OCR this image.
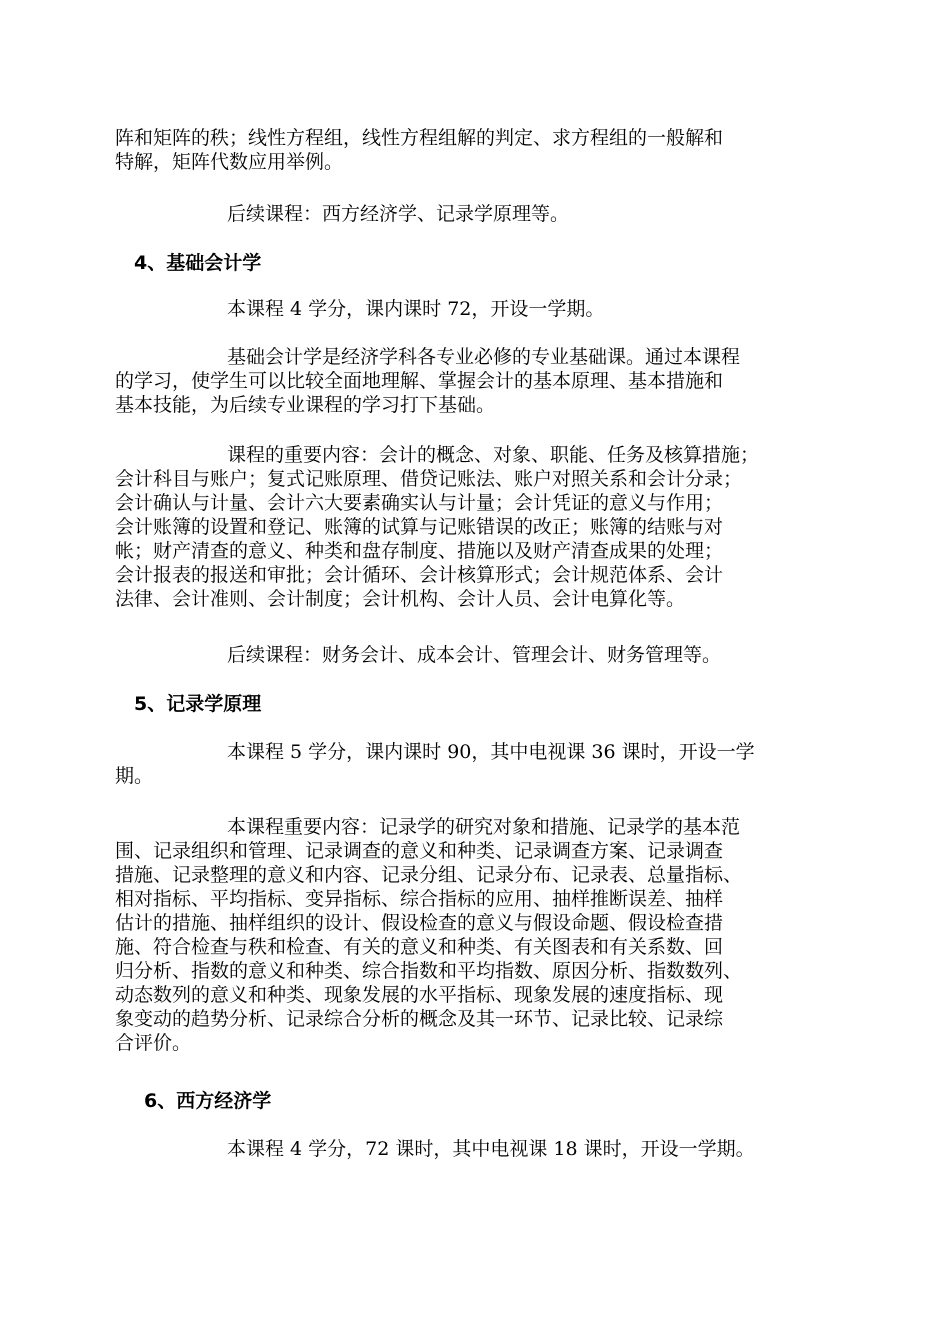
阵和矩阵的秩；线性方程组，线性方程组解的判定、求方程组的一般解和
特解，矩阵代数应用举例。

后续课程：西方经济学、记录学原理等。

4、基础会计学

本课程 4 学分，课内课时 72，开设一学期。

基础会计学是经济学科各专业必修的专业基础课。通过本课程
的学习，使学生可以比较全面地理解、掌握会计的基本原理、基本措施和
基本技能，为后续专业课程的学习打下基础。

课程的重要内容：会计的概念、对象、职能、任务及核算措施；
会计科目与账户；复式记账原理、借贷记账法、账户对照关系和会计分录；
会计确认与计量、会计六大要素确实认与计量；会计凭证的意义与作用；
会计账簿的设置和登记、账簿的试算与记账错误的改正；账簿的结账与对
帐；财产清查的意义、种类和盘存制度、措施以及财产清查成果的处理；
会计报表的报送和审批；会计循环、会计核算形式；会计规范体系、会计
法律、会计准则、会计制度；会计机构、会计人员、会计电算化等。

后续课程：财务会计、成本会计、管理会计、财务管理等。

5、记录学原理

本课程 5 学分，课内课时 90，其中电视课 36 课时，开设一学
期。

本课程重要内容：记录学的研究对象和措施、记录学的基本范
围、记录组织和管理、记录调查的意义和种类、记录调查方案、记录调查
措施、记录整理的意义和内容、记录分组、记录分布、记录表、总量指标、
相对指标、平均指标、变异指标、综合指标的应用、抽样推断误差、抽样
估计的措施、抽样组织的设计、假设检查的意义与假设命题、假设检查措
施、符合检查与秩和检查、有关的意义和种类、有关图表和有关系数、回
归分析、指数的意义和种类、综合指数和平均指数、原因分析、指数数列、
动态数列的意义和种类、现象发展的水平指标、现象发展的速度指标、现
象变动的趋势分析、记录综合分析的概念及其一环节、记录比较、记录综
合评价。

6、西方经济学

本课程 4 学分，72 课时，其中电视课 18 课时，开设一学期。
